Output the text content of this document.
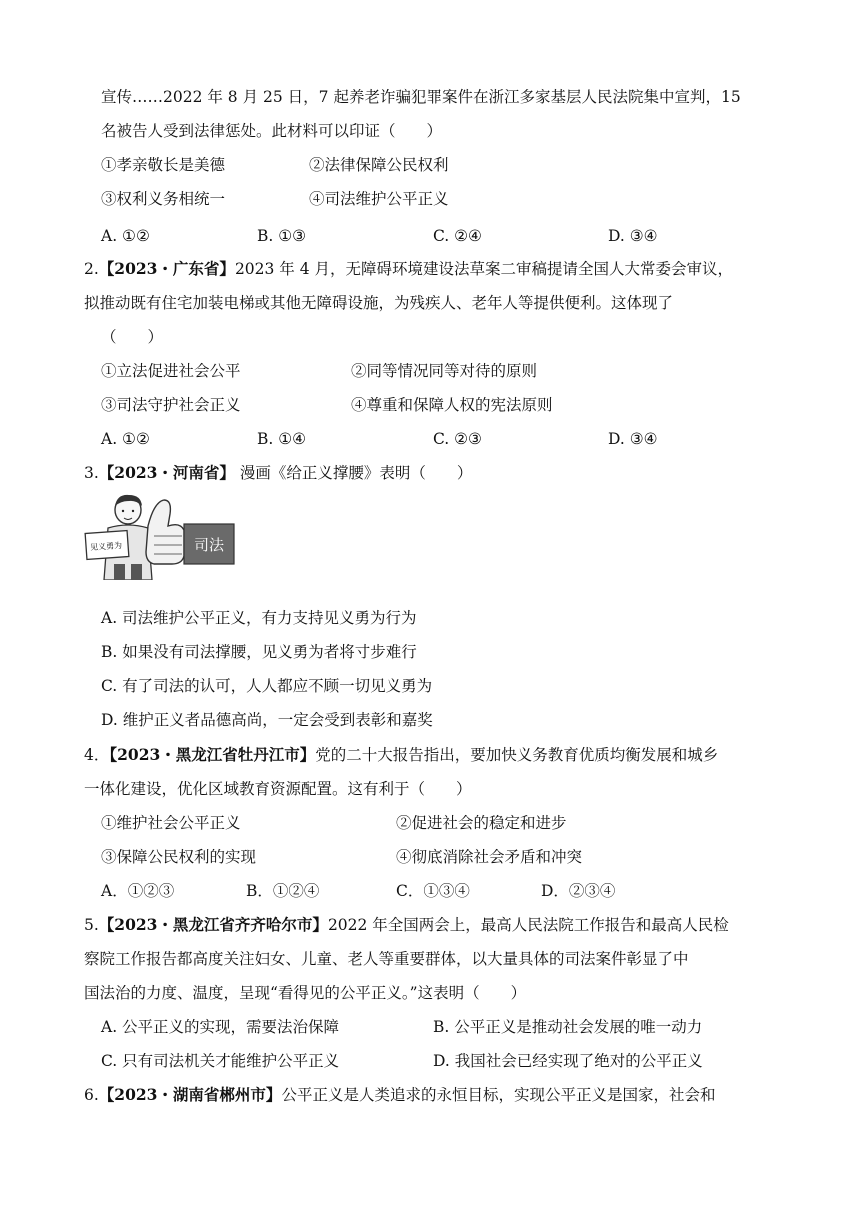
宣传……2022 年 8 月 25 日，7 起养老诈骗犯罪案件在浙江多家基层人民法院集中宣判，15
名被告人受到法律惩处。此材料可以印证（　　）
①孝亲敬长是美德	②法律保障公民权利
③权利义务相统一	④司法维护公平正义
A. ①②	B. ①③	C. ②④	D. ③④
2.【2023・广东省】2023 年 4 月，无障碍环境建设法草案二审稿提请全国人大常委会审议，
拟推动既有住宅加装电梯或其他无障碍设施，为残疾人、老年人等提供便利。这体现了
（　　）
①立法促进社会公平	②同等情况同等对待的原则
③司法守护社会正义	④尊重和保障人权的宪法原则
A. ①②	B. ①④	C. ②③	D. ③④
3.【2023・河南省】 漫画《给正义撑腰》表明（　　）
见义勇为	司法
A. 司法维护公平正义，有力支持见义勇为行为
B. 如果没有司法撑腰，见义勇为者将寸步难行
C. 有了司法的认可，人人都应不顾一切见义勇为
D. 维护正义者品德高尚，一定会受到表彰和嘉奖
4．【2023・黑龙江省牡丹江市】党的二十大报告指出，要加快义务教育优质均衡发展和城乡
一体化建设，优化区域教育资源配置。这有利于（　　）
①维护社会公平正义	②促进社会的稳定和进步
③保障公民权利的实现	④彻底消除社会矛盾和冲突
A．①②③	B．①②④	C．①③④	D．②③④
5.【2023・黑龙江省齐齐哈尔市】2022 年全国两会上，最高人民法院工作报告和最高人民检
察院工作报告都高度关注妇女、儿童、老人等重要群体，以大量具体的司法案件彰显了中
国法治的力度、温度，呈现“看得见的公平正义。”这表明（　　）
A. 公平正义的实现，需要法治保障	B. 公平正义是推动社会发展的唯一动力
C. 只有司法机关才能维护公平正义	D. 我国社会已经实现了绝对的公平正义
6.【2023・湖南省郴州市】公平正义是人类追求的永恒目标，实现公平正义是国家，社会和
